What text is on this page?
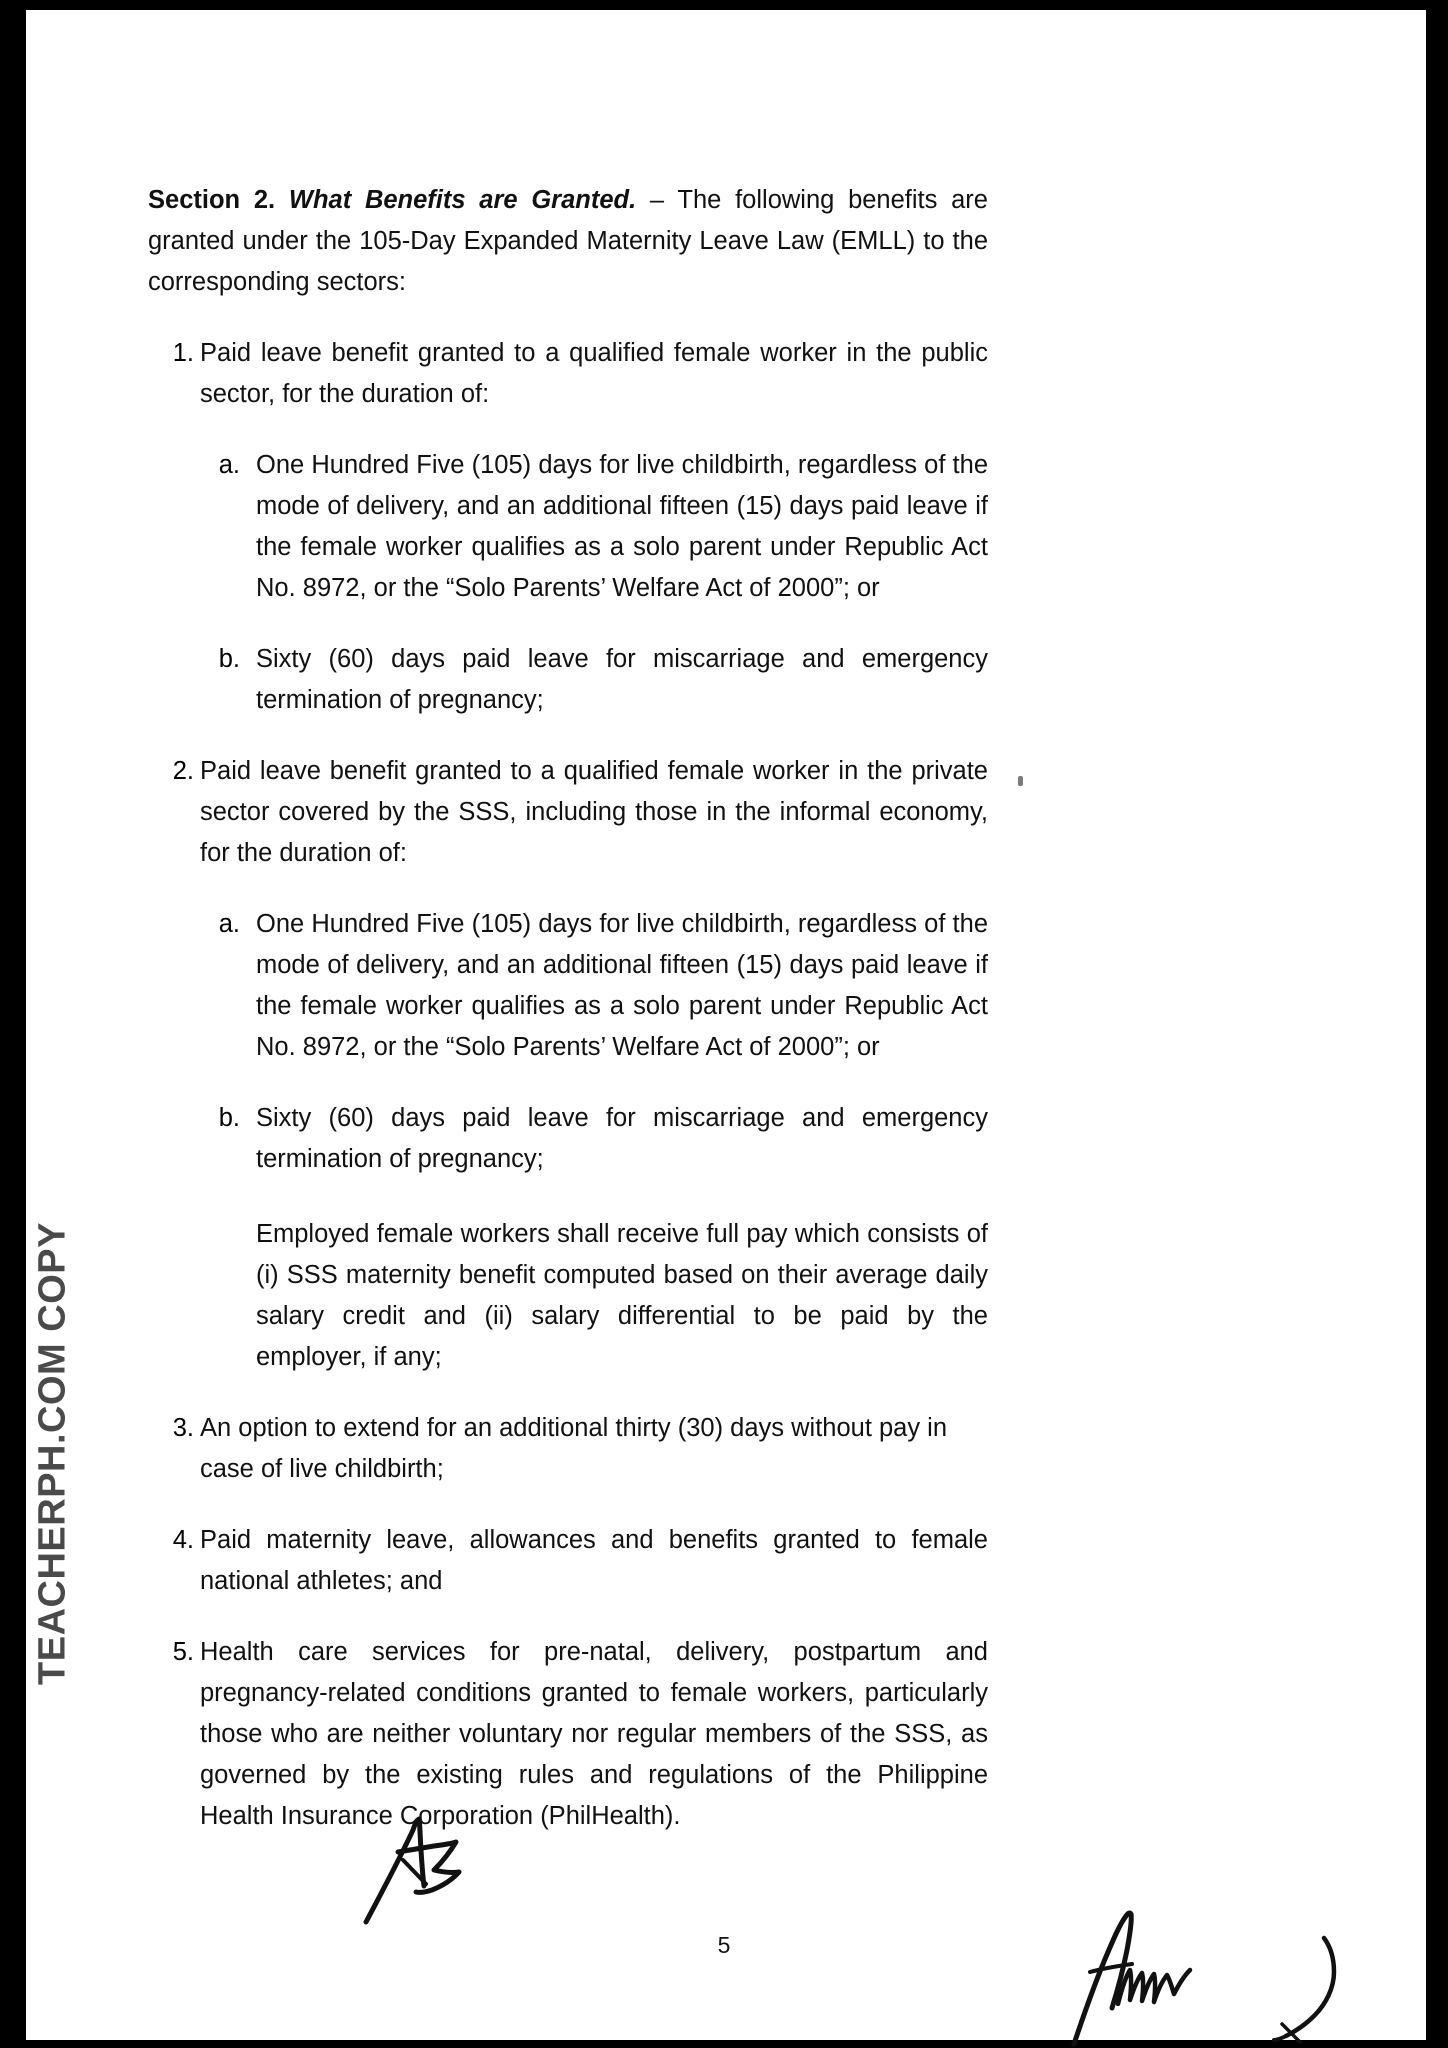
TEACHERPH.COM COPY

Section 2. What Benefits are Granted. – The following benefits are granted under the 105-Day Expanded Maternity Leave Law (EMLL) to the corresponding sectors:

1. Paid leave benefit granted to a qualified female worker in the public sector, for the duration of:

a. One Hundred Five (105) days for live childbirth, regardless of the mode of delivery, and an additional fifteen (15) days paid leave if the female worker qualifies as a solo parent under Republic Act No. 8972, or the “Solo Parents’ Welfare Act of 2000”; or

b. Sixty (60) days paid leave for miscarriage and emergency termination of pregnancy;

2. Paid leave benefit granted to a qualified female worker in the private sector covered by the SSS, including those in the informal economy, for the duration of:

a. One Hundred Five (105) days for live childbirth, regardless of the mode of delivery, and an additional fifteen (15) days paid leave if the female worker qualifies as a solo parent under Republic Act No. 8972, or the “Solo Parents’ Welfare Act of 2000”; or

b. Sixty (60) days paid leave for miscarriage and emergency termination of pregnancy;

Employed female workers shall receive full pay which consists of (i) SSS maternity benefit computed based on their average daily salary credit and (ii) salary differential to be paid by the employer, if any;

3. An option to extend for an additional thirty (30) days without pay in case of live childbirth;

4. Paid maternity leave, allowances and benefits granted to female national athletes; and

5. Health care services for pre-natal, delivery, postpartum and pregnancy-related conditions granted to female workers, particularly those who are neither voluntary nor regular members of the SSS, as governed by the existing rules and regulations of the Philippine Health Insurance Corporation (PhilHealth).

5
